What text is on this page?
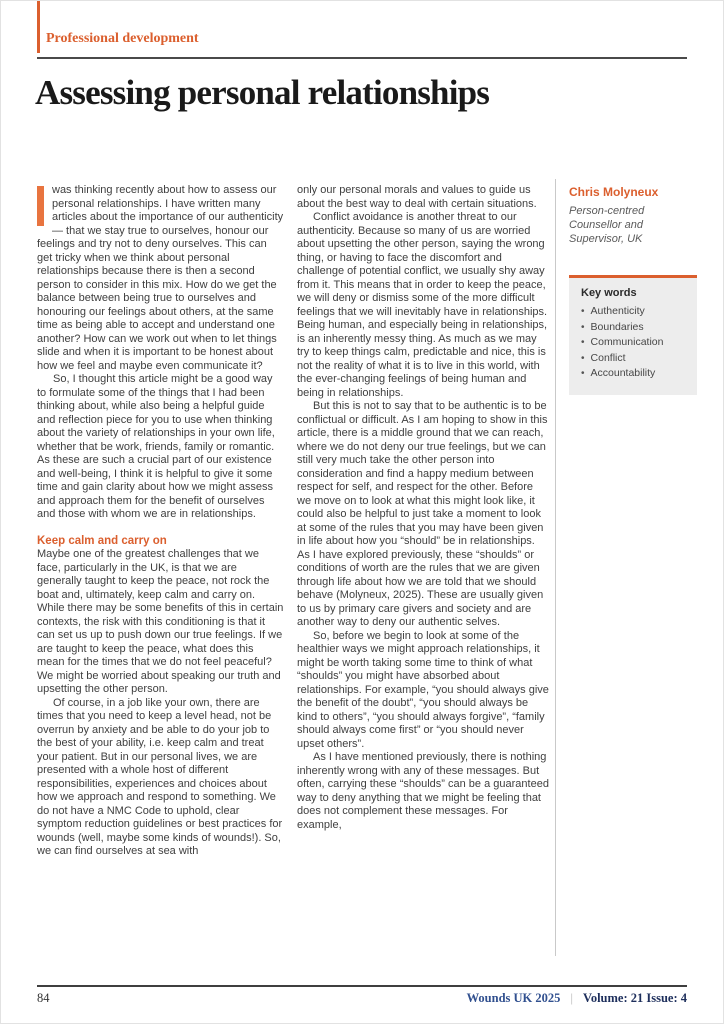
Professional development
Assessing personal relationships

was thinking recently about how to assess our personal relationships. I have written many articles about the importance of our authenticity — that we stay true to ourselves, honour our feelings and try not to deny ourselves. This can get tricky when we think about personal relationships because there is then a second person to consider in this mix. How do we get the balance between being true to ourselves and honouring our feelings about others, at the same time as being able to accept and understand one another? How can we work out when to let things slide and when it is important to be honest about how we feel and maybe even communicate it?

So, I thought this article might be a good way to formulate some of the things that I had been thinking about, while also being a helpful guide and reflection piece for you to use when thinking about the variety of relationships in your own life, whether that be work, friends, family or romantic. As these are such a crucial part of our existence and well-being, I think it is helpful to give it some time and gain clarity about how we might assess and approach them for the benefit of ourselves and those with whom we are in relationships.

Keep calm and carry on

Maybe one of the greatest challenges that we face, particularly in the UK, is that we are generally taught to keep the peace, not rock the boat and, ultimately, keep calm and carry on. While there may be some benefits of this in certain contexts, the risk with this conditioning is that it can set us up to push down our true feelings. If we are taught to keep the peace, what does this mean for the times that we do not feel peaceful? We might be worried about speaking our truth and upsetting the other person.

Of course, in a job like your own, there are times that you need to keep a level head, not be overrun by anxiety and be able to do your job to the best of your ability, i.e. keep calm and treat your patient. But in our personal lives, we are presented with a whole host of different responsibilities, experiences and choices about how we approach and respond to something. We do not have a NMC Code to uphold, clear symptom reduction guidelines or best practices for wounds (well, maybe some kinds of wounds!). So, we can find ourselves at sea with

only our personal morals and values to guide us about the best way to deal with certain situations.

Conflict avoidance is another threat to our authenticity. Because so many of us are worried about upsetting the other person, saying the wrong thing, or having to face the discomfort and challenge of potential conflict, we usually shy away from it. This means that in order to keep the peace, we will deny or dismiss some of the more difficult feelings that we will inevitably have in relationships. Being human, and especially being in relationships, is an inherently messy thing. As much as we may try to keep things calm, predictable and nice, this is not the reality of what it is to live in this world, with the ever-changing feelings of being human and being in relationships.

But this is not to say that to be authentic is to be conflictual or difficult. As I am hoping to show in this article, there is a middle ground that we can reach, where we do not deny our true feelings, but we can still very much take the other person into consideration and find a happy medium between respect for self, and respect for the other. Before we move on to look at what this might look like, it could also be helpful to just take a moment to look at some of the rules that you may have been given in life about how you “should” be in relationships. As I have explored previously, these “shoulds” or conditions of worth are the rules that we are given through life about how we are told that we should behave (Molyneux, 2025). These are usually given to us by primary care givers and society and are another way to deny our authentic selves.

So, before we begin to look at some of the healthier ways we might approach relationships, it might be worth taking some time to think of what “shoulds” you might have absorbed about relationships. For example, “you should always give the benefit of the doubt”, “you should always be kind to others”, “you should always forgive”, “family should always come first” or “you should never upset others”.

As I have mentioned previously, there is nothing inherently wrong with any of these messages. But often, carrying these “shoulds” can be a guaranteed way to deny anything that we might be feeling that does not complement these messages. For example,

Chris Molyneux
Person-centred Counsellor and Supervisor, UK
Key words
• Authenticity
• Boundaries
• Communication
• Conflict
• Accountability
84	Wounds UK 2025 | Volume: 21 Issue: 4
